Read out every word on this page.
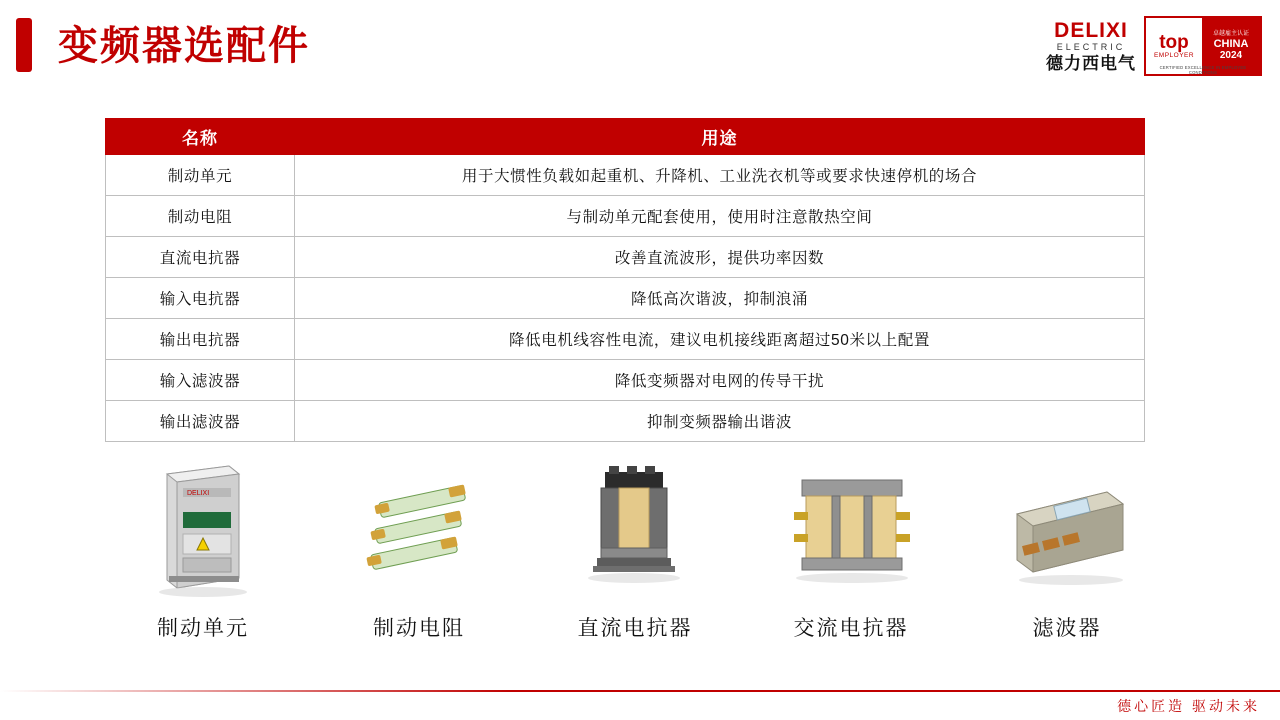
变频器选配件	DELIXI
ELECTRIC
德力西电气
top
EMPLOYER
卓越雇主认证
CHINA
2024
CERTIFIED EXCELLENCE IN EMPLOYEE CONDITIONS
名称	用途
制动单元	用于大惯性负载如起重机、升降机、工业洗衣机等或要求快速停机的场合
制动电阻	与制动单元配套使用，使用时注意散热空间
直流电抗器	改善直流波形，提供功率因数
输入电抗器	降低高次谐波，抑制浪涌
输出电抗器	降低电机线容性电流，建议电机接线距离超过50米以上配置
输入滤波器	降低变频器对电网的传导干扰
输出滤波器	抑制变频器输出谐波
DELIXI
制动单元	制动电阻	直流电抗器	交流电抗器	滤波器
德心匠造 驱动未来
